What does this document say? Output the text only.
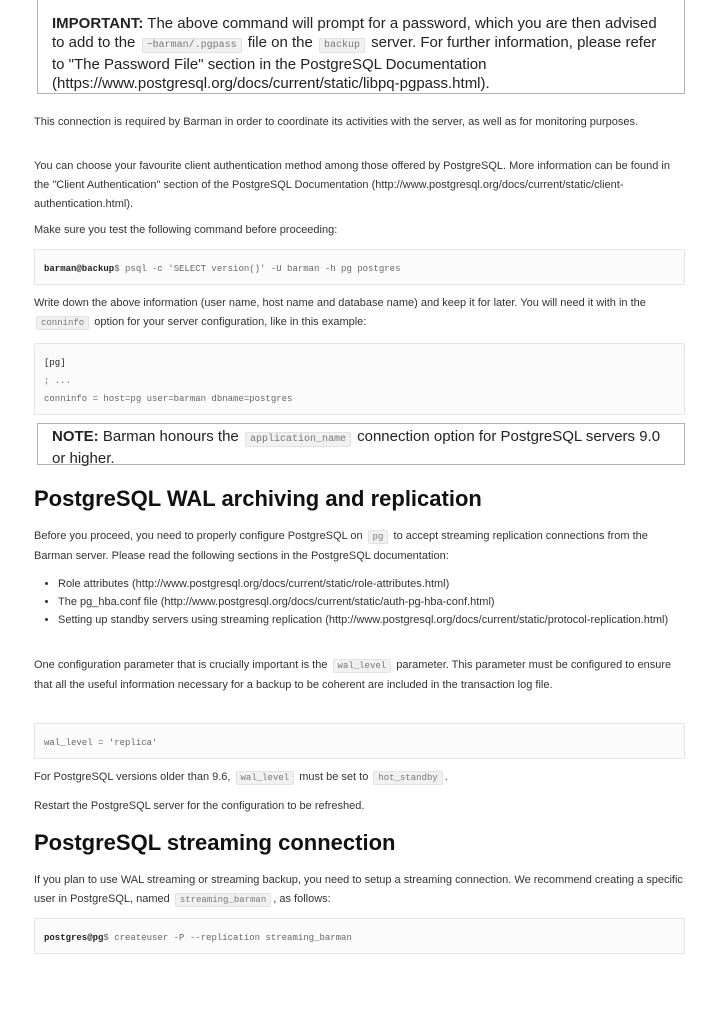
IMPORTANT: The above command will prompt for a password, which you are then advised to add to the ~barman/.pgpass file on the backup server. For further information, please refer to "The Password File" section in the PostgreSQL Documentation (https://www.postgresql.org/docs/current/static/libpq-pgpass.html).
This connection is required by Barman in order to coordinate its activities with the server, as well as for monitoring purposes.
You can choose your favourite client authentication method among those offered by PostgreSQL. More information can be found in the "Client Authentication" section of the PostgreSQL Documentation (http://www.postgresql.org/docs/current/static/client-authentication.html).
Make sure you test the following command before proceeding:
barman@backup$ psql -c 'SELECT version()' -U barman -h pg postgres
Write down the above information (user name, host name and database name) and keep it for later. You will need it with in the conninfo option for your server configuration, like in this example:
[pg]
; ...
conninfo = host=pg user=barman dbname=postgres
NOTE: Barman honours the application_name connection option for PostgreSQL servers 9.0 or higher.
PostgreSQL WAL archiving and replication
Before you proceed, you need to properly configure PostgreSQL on pg to accept streaming replication connections from the Barman server. Please read the following sections in the PostgreSQL documentation:
• Role attributes (http://www.postgresql.org/docs/current/static/role-attributes.html)
• The pg_hba.conf file (http://www.postgresql.org/docs/current/static/auth-pg-hba-conf.html)
• Setting up standby servers using streaming replication (http://www.postgresql.org/docs/current/static/protocol-replication.html)
One configuration parameter that is crucially important is the wal_level parameter. This parameter must be configured to ensure that all the useful information necessary for a backup to be coherent are included in the transaction log file.
wal_level = 'replica'
For PostgreSQL versions older than 9.6, wal_level must be set to hot_standby .
Restart the PostgreSQL server for the configuration to be refreshed.
PostgreSQL streaming connection
If you plan to use WAL streaming or streaming backup, you need to setup a streaming connection. We recommend creating a specific user in PostgreSQL, named streaming_barman , as follows:
postgres@pg$ createuser -P --replication streaming_barman
